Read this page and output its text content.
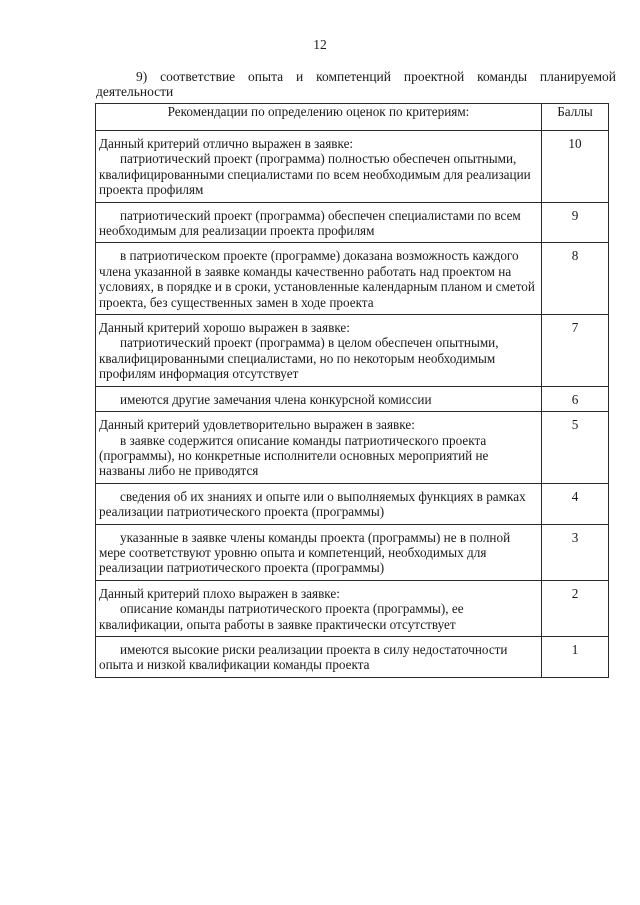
12
9) соответствие опыта и компетенций проектной команды планируемой деятельности
Рекомендации по определению оценок по критериям:	Баллы

Данный критерий отлично выражен в заявке:
патриотический проект (программа) полностью обеспечен опытными, квалифицированными специалистами по всем необходимым для реализации проекта профилям	10

патриотический проект (программа) обеспечен специалистами по всем необходимым для реализации проекта профилям	9

в патриотическом проекте (программе) доказана возможность каждого члена указанной в заявке команды качественно работать над проектом на условиях, в порядке и в сроки, установленные календарным планом и сметой проекта, без существенных замен в ходе проекта	8

Данный критерий хорошо выражен в заявке:
патриотический проект (программа) в целом обеспечен опытными, квалифицированными специалистами, но по некоторым необходимым профилям информация отсутствует	7

имеются другие замечания члена конкурсной комиссии	6

Данный критерий удовлетворительно выражен в заявке:
в заявке содержится описание команды патриотического проекта (программы), но конкретные исполнители основных мероприятий не названы либо не приводятся	5

сведения об их знаниях и опыте или о выполняемых функциях в рамках реализации патриотического проекта (программы)	4

указанные в заявке члены команды проекта (программы) не в полной мере соответствуют уровню опыта и компетенций, необходимых для реализации патриотического проекта (программы)	3

Данный критерий плохо выражен в заявке:
описание команды патриотического проекта (программы), ее квалификации, опыта работы в заявке практически отсутствует	2

имеются высокие риски реализации проекта в силу недостаточности опыта и низкой квалификации команды проекта	1
